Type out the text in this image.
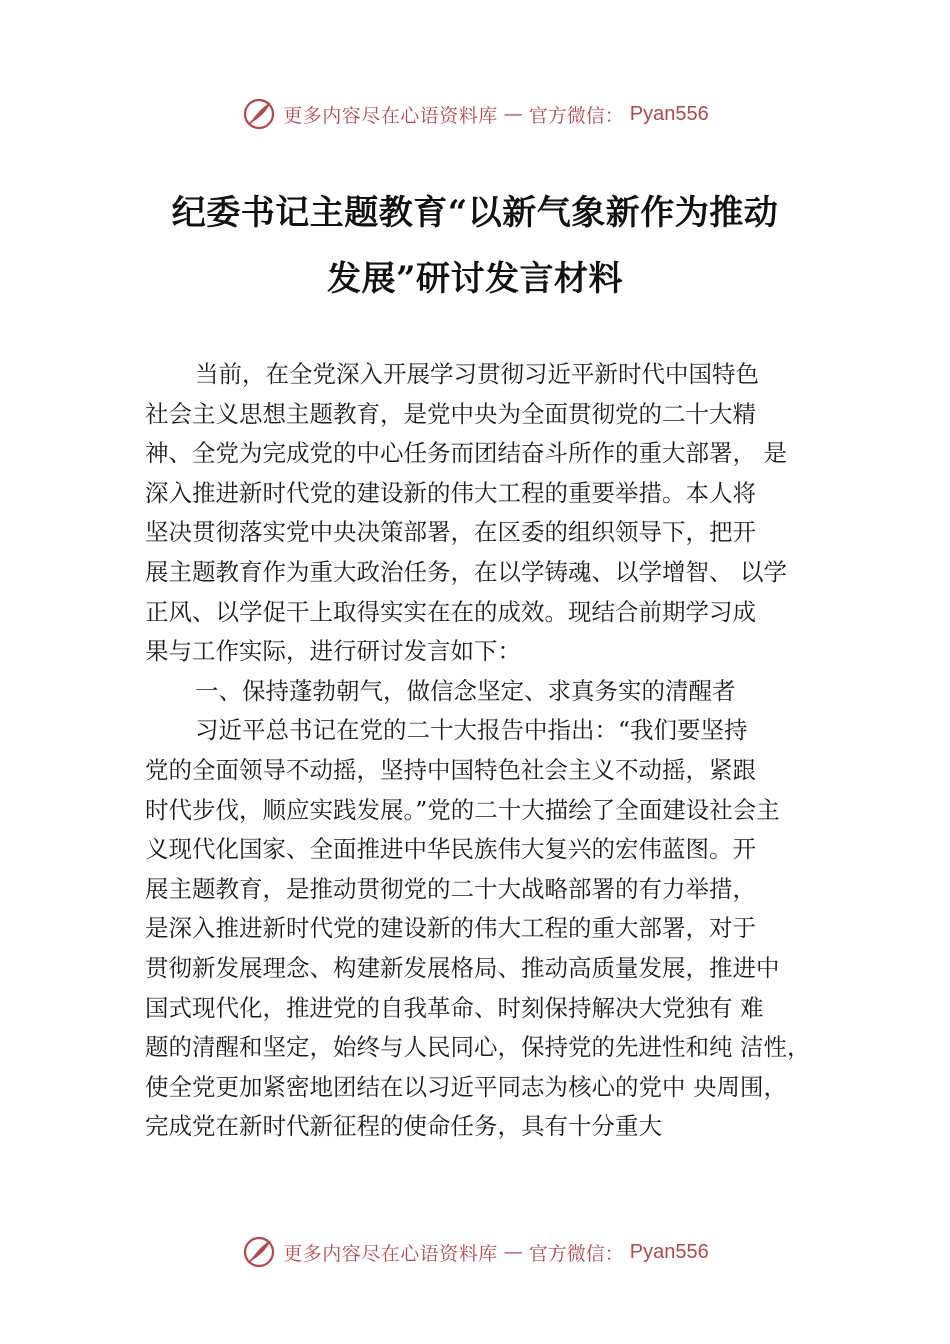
更多内容尽在心语资料库 — 官方微信： Pyan556
纪委书记主题教育“以新气象新作为推动
发展”研讨发言材料
当前，在全党深入开展学习贯彻习近平新时代中国特色
社会主义思想主题教育，是党中央为全面贯彻党的二十大精
神、全党为完成党的中心任务而团结奋斗所作的重大部署， 是
深入推进新时代党的建设新的伟大工程的重要举措。本人将
坚决贯彻落实党中央决策部署，在区委的组织领导下，把开
展主题教育作为重大政治任务，在以学铸魂、以学增智、 以学
正风、以学促干上取得实实在在的成效。现结合前期学习成
果与工作实际，进行研讨发言如下：
一、保持蓬勃朝气，做信念坚定、求真务实的清醒者
习近平总书记在党的二十大报告中指出：“我们要坚持
党的全面领导不动摇，坚持中国特色社会主义不动摇，紧跟
时代步伐，顺应实践发展。”党的二十大描绘了全面建设社会主
义现代化国家、全面推进中华民族伟大复兴的宏伟蓝图。开
展主题教育，是推动贯彻党的二十大战略部署的有力举措，
是深入推进新时代党的建设新的伟大工程的重大部署，对于
贯彻新发展理念、构建新发展格局、推动高质量发展，推进中
国式现代化，推进党的自我革命、时刻保持解决大党独有 难
题的清醒和坚定，始终与人民同心，保持党的先进性和纯 洁性，
使全党更加紧密地团结在以习近平同志为核心的党中 央周围，
完成党在新时代新征程的使命任务，具有十分重大
更多内容尽在心语资料库 — 官方微信： Pyan556
